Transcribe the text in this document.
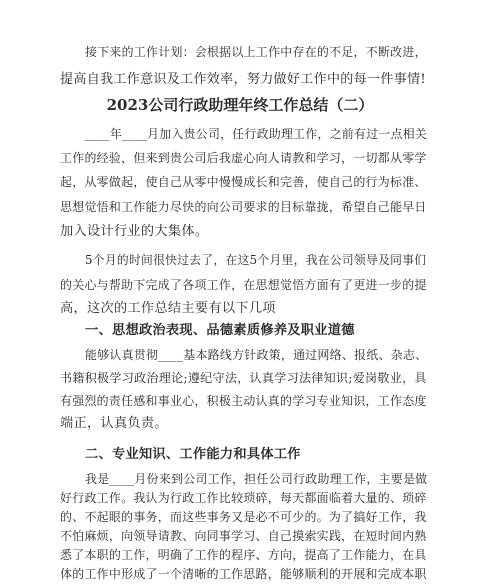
接下来的工作计划：会根据以上工作中存在的不足，不断改进，
提高自我工作意识及工作效率，努力做好工作中的每一件事情!
2023公司行政助理年终工作总结（二）
____年____月加入贵公司，任行政助理工作，之前有过一点相关
工作的经验，但来到贵公司后我虚心向人请教和学习，一切都从零学
起，从零做起，使自己从零中慢慢成长和完善，使自己的行为标准、
思想觉悟和工作能力尽快的向公司要求的目标靠拢，希望自己能早日
加入设计行业的大集体。
5个月的时间很快过去了，在这5个月里，我在公司领导及同事们
的关心与帮助下完成了各项工作，在思想觉悟方面有了更进一步的提
高，这次的工作总结主要有以下几项
一、思想政治表现、品德素质修养及职业道德
能够认真贯彻____基本路线方针政策，通过网络、报纸、杂志、
书籍积极学习政治理论;遵纪守法，认真学习法律知识;爱岗敬业，具
有强烈的责任感和事业心，积极主动认真的学习专业知识，工作态度
端正，认真负责。
二、专业知识、工作能力和具体工作
我是____月份来到公司工作，担任公司行政助理工作，主要是做
好行政工作。我认为行政工作比较琐碎，每天都面临着大量的、琐碎
的、不起眼的事务，而这些事务又是必不可少的。为了搞好工作，我
不怕麻烦，向领导请教、向同事学习、自己摸索实践，在短时间内熟
悉了本职的工作，明确了工作的程序、方向，提高了工作能力，在具
体的工作中形成了一个清晰的工作思路，能够顺利的开展和完成本职
